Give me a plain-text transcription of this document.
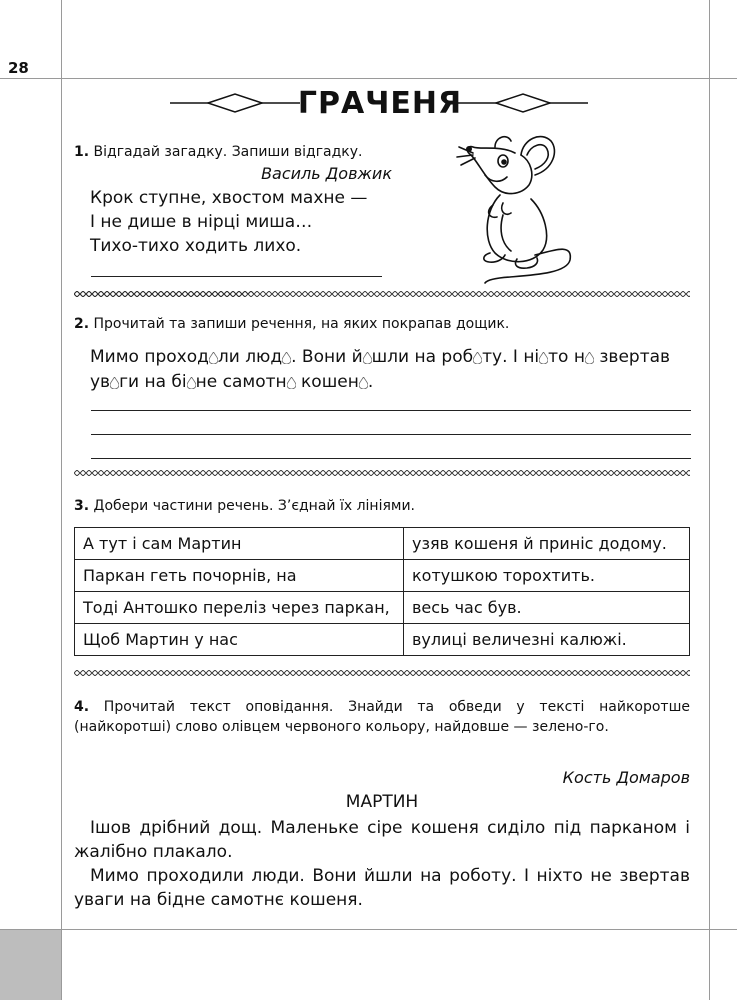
28
ГРАЧЕНЯ
1. Відгадай загадку. Запиши відгадку.
Василь Довжик
Крок ступне, хвостом махне —
І не дише в нірці миша…
Тихо-тихо ходить лихо.
2. Прочитай та запиши речення, на яких покрапав дощик.
Мимо проход ли люд . Вони й шли на роб ту. І ні то н звертав
ув ги на бі не самотн кошен .
3. Добери частини речень. З’єднай їх лініями.
А тут і сам Мартин	узяв кошеня й приніс додому.
Паркан геть почорнів, на	котушкою торохтить.
Тоді Антошко переліз через паркан,	весь час був.
Щоб Мартин у нас	вулиці величезні калюжі.
4. Прочитай текст оповідання. Знайди та обведи у тексті найкоротше (найкоротші) слово олівцем червоного кольору, найдовше — зелено-го.
Кость Домаров
МАРТИН
Ішов дрібний дощ. Маленьке сіре кошеня сиділо під парканом і жалібно плакало.
Мимо проходили люди. Вони йшли на роботу. І ніхто не звертав уваги на бідне самотнє кошеня.
